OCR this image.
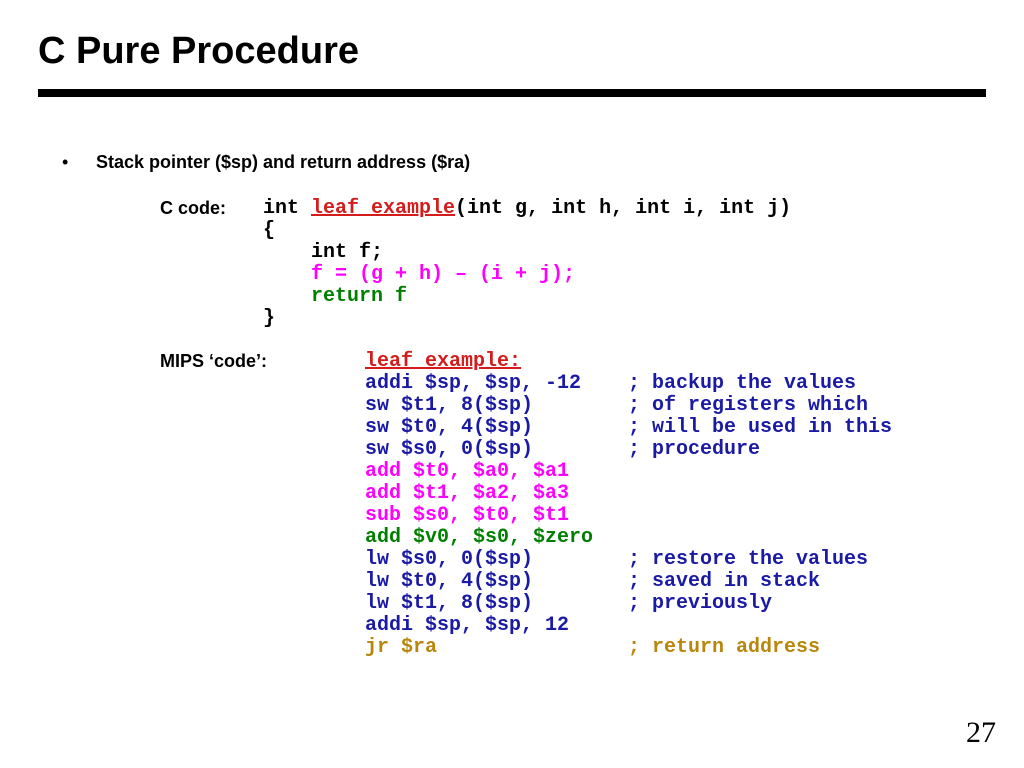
C Pure Procedure
• Stack pointer ($sp) and return address ($ra)
C code: int leaf_example(int g, int h, int i, int j)
{
int f;
f = (g + h) – (i + j);
return f
}
MIPS ‘code’:	leaf_example:
addi $sp, $sp, -12 ; backup the values
sw $t1, 8($sp)	; of registers which
sw $t0, 4($sp)	; will be used in this
sw $s0, 0($sp)	; procedure
add $t0, $a0, $a1
add $t1, $a2, $a3
sub $s0, $t0, $t1
add $v0, $s0, $zero
lw $s0, 0($sp)	; restore the values
lw $t0, 4($sp)	; saved in stack
lw $t1, 8($sp)	; previously
addi $sp, $sp, 12
jr $ra	; return address
27
